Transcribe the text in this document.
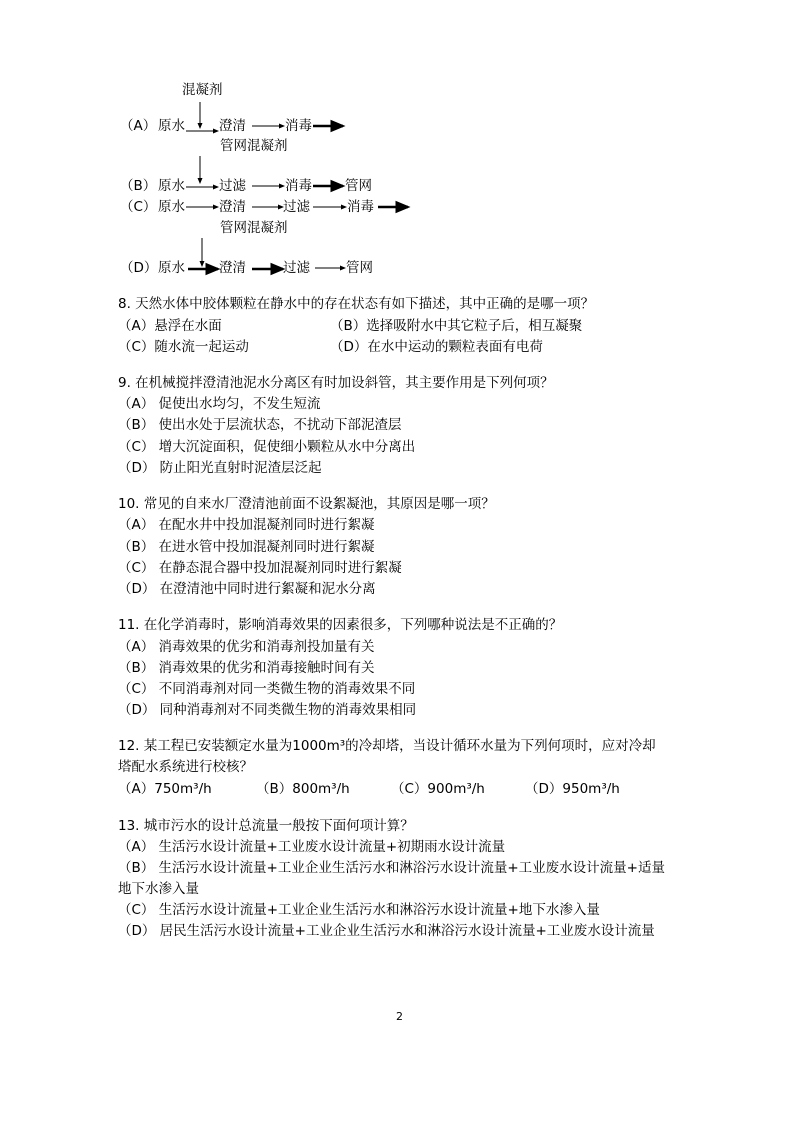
混凝剂
（A） 原水	澄清	消毒
管网混凝剂
（B） 原水	过滤	消毒 管网
（C） 原水	澄清	过滤	消毒
管网混凝剂
（D） 原水	澄清	过滤	管网
8. 天然水体中胶体颗粒在静水中的存在状态有如下描述，其中正确的是哪一项？
（A）悬浮在水面	（B）选择吸附水中其它粒子后，相互凝聚
（C）随水流一起运动	（D）在水中运动的颗粒表面有电荷
9. 在机械搅拌澄清池泥水分离区有时加设斜管，其主要作用是下列何项？
（A） 促使出水均匀，不发生短流
（B） 使出水处于层流状态，不扰动下部泥渣层
（C） 增大沉淀面积，促使细小颗粒从水中分离出
（D） 防止阳光直射时泥渣层泛起
10. 常见的自来水厂澄清池前面不设絮凝池，其原因是哪一项？
（A） 在配水井中投加混凝剂同时进行絮凝
（B） 在进水管中投加混凝剂同时进行絮凝
（C） 在静态混合器中投加混凝剂同时进行絮凝
（D） 在澄清池中同时进行絮凝和泥水分离
11. 在化学消毒时，影响消毒效果的因素很多，下列哪种说法是不正确的？
（A） 消毒效果的优劣和消毒剂投加量有关
（B） 消毒效果的优劣和消毒接触时间有关
（C） 不同消毒剂对同一类微生物的消毒效果不同
（D） 同种消毒剂对不同类微生物的消毒效果相同
12. 某工程已安装额定水量为1000m³的冷却塔，当设计循环水量为下列何项时，应对冷却
塔配水系统进行校核？
（A）750m³/h	（B）800m³/h	（C）900m³/h	（D）950m³/h
13. 城市污水的设计总流量一般按下面何项计算？
（A） 生活污水设计流量+工业废水设计流量+初期雨水设计流量
（B） 生活污水设计流量+工业企业生活污水和淋浴污水设计流量+工业废水设计流量+适量
地下水渗入量
（C） 生活污水设计流量+工业企业生活污水和淋浴污水设计流量+地下水渗入量
（D） 居民生活污水设计流量+工业企业生活污水和淋浴污水设计流量+工业废水设计流量
2
